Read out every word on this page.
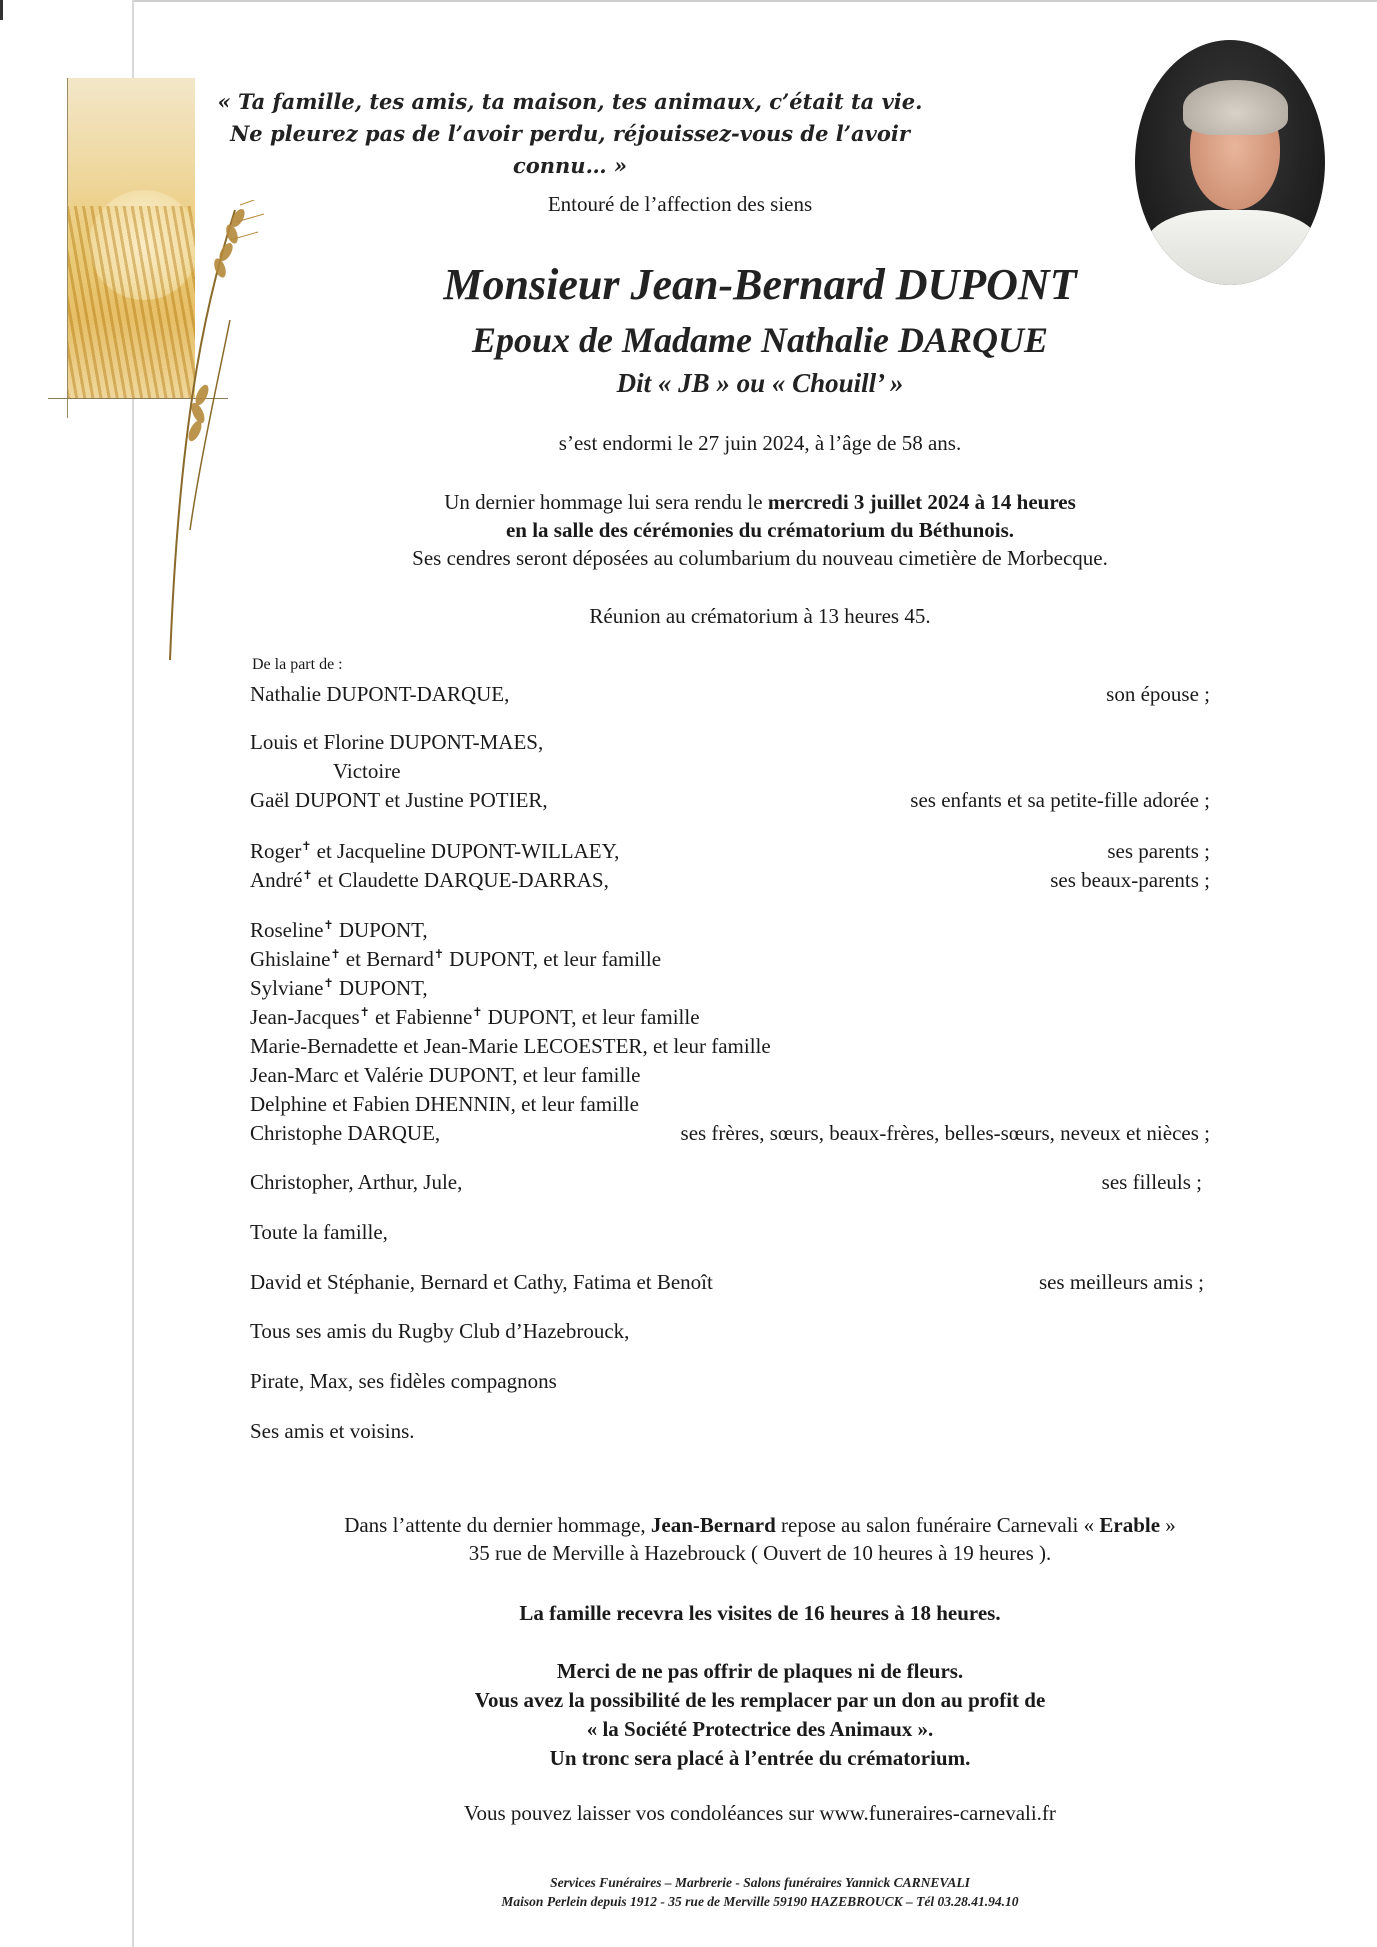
« Ta famille, tes amis, ta maison, tes animaux, c’était ta vie.
Ne pleurez pas de l’avoir perdu, réjouissez-vous de l’avoir connu… »
Entouré de l’affection des siens
Monsieur Jean-Bernard DUPONT
Epoux de Madame Nathalie DARQUE
Dit « JB » ou « Chouill’ »
s’est endormi le 27 juin 2024, à l’âge de 58 ans.
Un dernier hommage lui sera rendu le mercredi 3 juillet 2024 à 14 heures
en la salle des cérémonies du crématorium du Béthunois.
Ses cendres seront déposées au columbarium du nouveau cimetière de Morbecque.
Réunion au crématorium à 13 heures 45.
De la part de :
Nathalie DUPONT-DARQUE,	son épouse ;
Louis et Florine DUPONT-MAES,
Victoire
Gaël DUPONT et Justine POTIER,	ses enfants et sa petite-fille adorée ;
Roger✝ et Jacqueline DUPONT-WILLAEY,	ses parents ;
André✝ et Claudette DARQUE-DARRAS,	ses beaux-parents ;
Roseline✝ DUPONT,
Ghislaine✝ et Bernard✝ DUPONT, et leur famille
Sylviane✝ DUPONT,
Jean-Jacques✝ et Fabienne✝ DUPONT, et leur famille
Marie-Bernadette et Jean-Marie LECOESTER, et leur famille
Jean-Marc et Valérie DUPONT, et leur famille
Delphine et Fabien DHENNIN, et leur famille
Christophe DARQUE,	ses frères, sœurs, beaux-frères, belles-sœurs, neveux et nièces ;
Christopher, Arthur, Jule,	ses filleuls ;
Toute la famille,
David et Stéphanie, Bernard et Cathy, Fatima et Benoît	ses meilleurs amis ;
Tous ses amis du Rugby Club d’Hazebrouck,
Pirate, Max, ses fidèles compagnons
Ses amis et voisins.
Dans l’attente du dernier hommage, Jean-Bernard repose au salon funéraire Carnevali « Erable »
35 rue de Merville à Hazebrouck ( Ouvert de 10 heures à 19 heures ).
La famille recevra les visites de 16 heures à 18 heures.
Merci de ne pas offrir de plaques ni de fleurs.
Vous avez la possibilité de les remplacer par un don au profit de
« la Société Protectrice des Animaux ».
Un tronc sera placé à l’entrée du crématorium.
Vous pouvez laisser vos condoléances sur www.funeraires-carnevali.fr
Services Funéraires – Marbrerie - Salons funéraires Yannick CARNEVALI
Maison Perlein depuis 1912 - 35 rue de Merville 59190 HAZEBROUCK – Tél 03.28.41.94.10
